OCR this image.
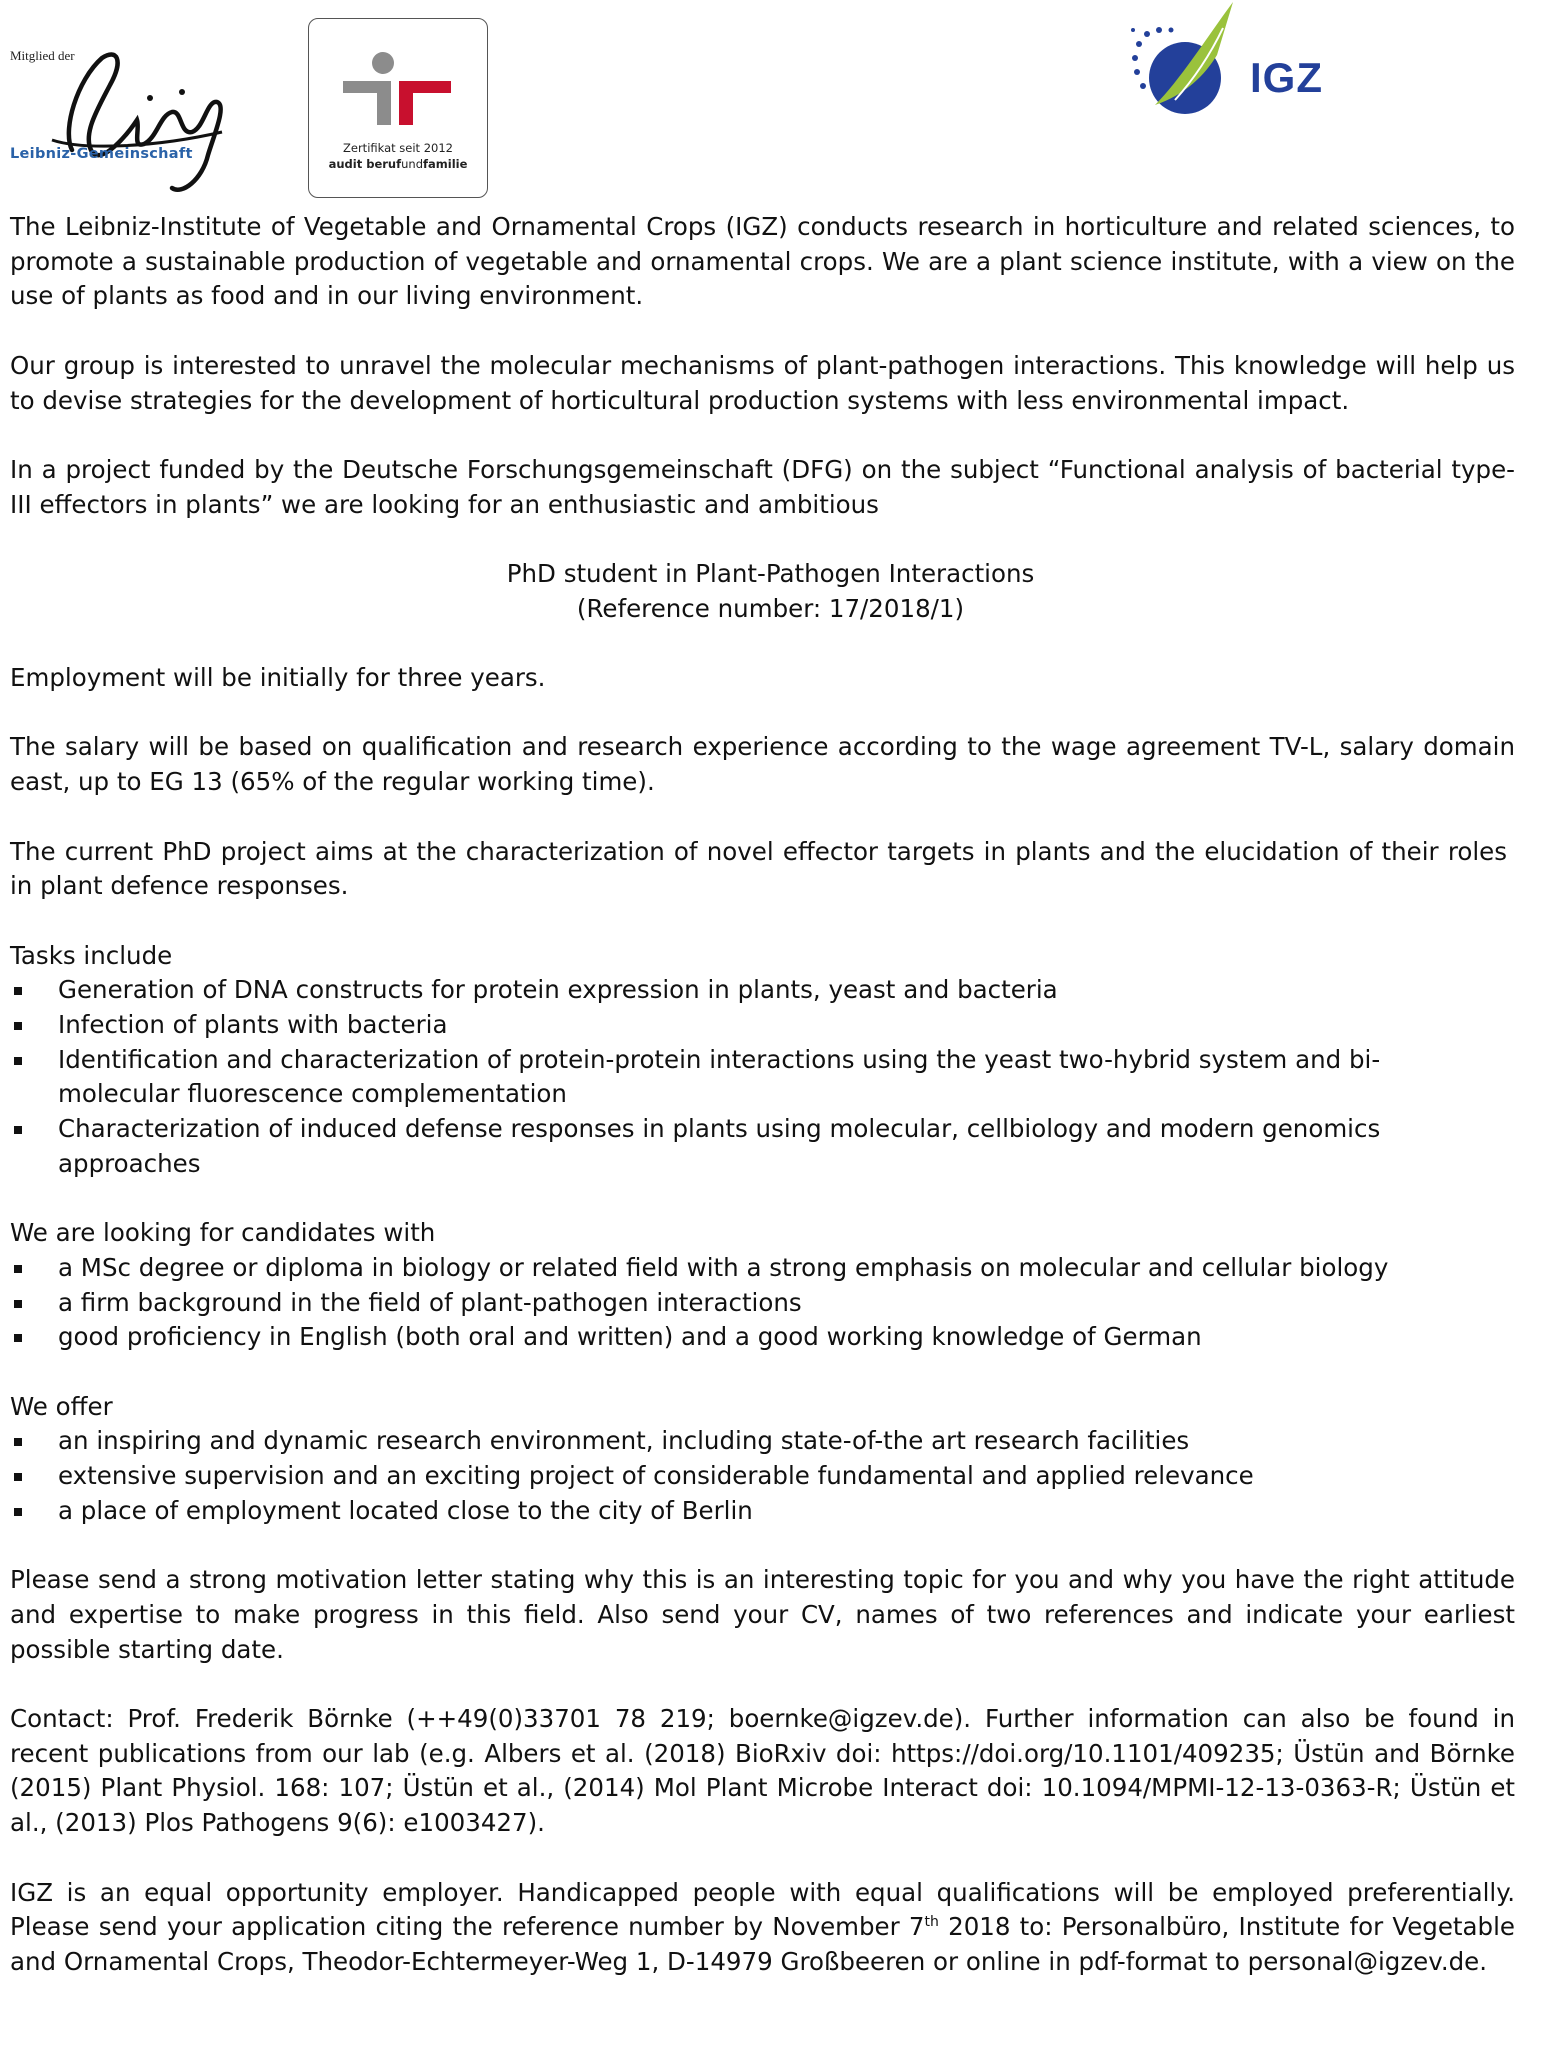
Mitglied der
Leibniz-Gemeinschaft	Zertifikat seit 2012
audit berufundfamilie
IGZ

The Leibniz-Institute of Vegetable and Ornamental Crops (IGZ) conducts research in horticulture and related sciences, to promote a sustainable production of vegetable and ornamental crops. We are a plant science institute, with a view on the use of plants as food and in our living environment.

Our group is interested to unravel the molecular mechanisms of plant-pathogen interactions. This knowledge will help us to devise strategies for the development of horticultural production systems with less environmental impact.

In a project funded by the Deutsche Forschungsgemeinschaft (DFG) on the subject “Functional analysis of bacterial type-III effectors in plants” we are looking for an enthusiastic and ambitious

PhD student in Plant-Pathogen Interactions

(Reference number: 17/2018/1)

Employment will be initially for three years.

The salary will be based on qualification and research experience according to the wage agreement TV-L, salary domain east, up to EG 13 (65% of the regular working time).

The current PhD project aims at the characterization of novel effector targets in plants and the elucidation of their roles in plant defence responses.

Tasks include

Generation of DNA constructs for protein expression in plants, yeast and bacteria
Infection of plants with bacteria
Identification and characterization of protein-protein interactions using the yeast two-hybrid system and bi-molecular fluorescence complementation
Characterization of induced defense responses in plants using molecular, cellbiology and modern genomics approaches

We are looking for candidates with

a MSc degree or diploma in biology or related field with a strong emphasis on molecular and cellular biology
a firm background in the field of plant-pathogen interactions
good proficiency in English (both oral and written) and a good working knowledge of German

We offer

an inspiring and dynamic research environment, including state-of-the art research facilities
extensive supervision and an exciting project of considerable fundamental and applied relevance
a place of employment located close to the city of Berlin

Please send a strong motivation letter stating why this is an interesting topic for you and why you have the right attitude and expertise to make progress in this field. Also send your CV, names of two references and indicate your earliest possible starting date.

Contact: Prof. Frederik Börnke (++49(0)33701 78 219; boernke@igzev.de). Further information can also be found in recent publications from our lab (e.g. Albers et al. (2018) BioRxiv doi: https://doi.org/10.1101/409235; Üstün and Börnke (2015) Plant Physiol. 168: 107; Üstün et al., (2014) Mol Plant Microbe Interact doi: 10.1094/MPMI-12-13-0363-R; Üstün et al., (2013) Plos Pathogens 9(6): e1003427).

IGZ is an equal opportunity employer. Handicapped people with equal qualifications will be employed preferentially. Please send your application citing the reference number by November 7th 2018 to: Personalbüro, Institute for Vegetable and Ornamental Crops, Theodor-Echtermeyer-Weg 1, D-14979 Großbeeren or online in pdf-format to personal@igzev.de.
